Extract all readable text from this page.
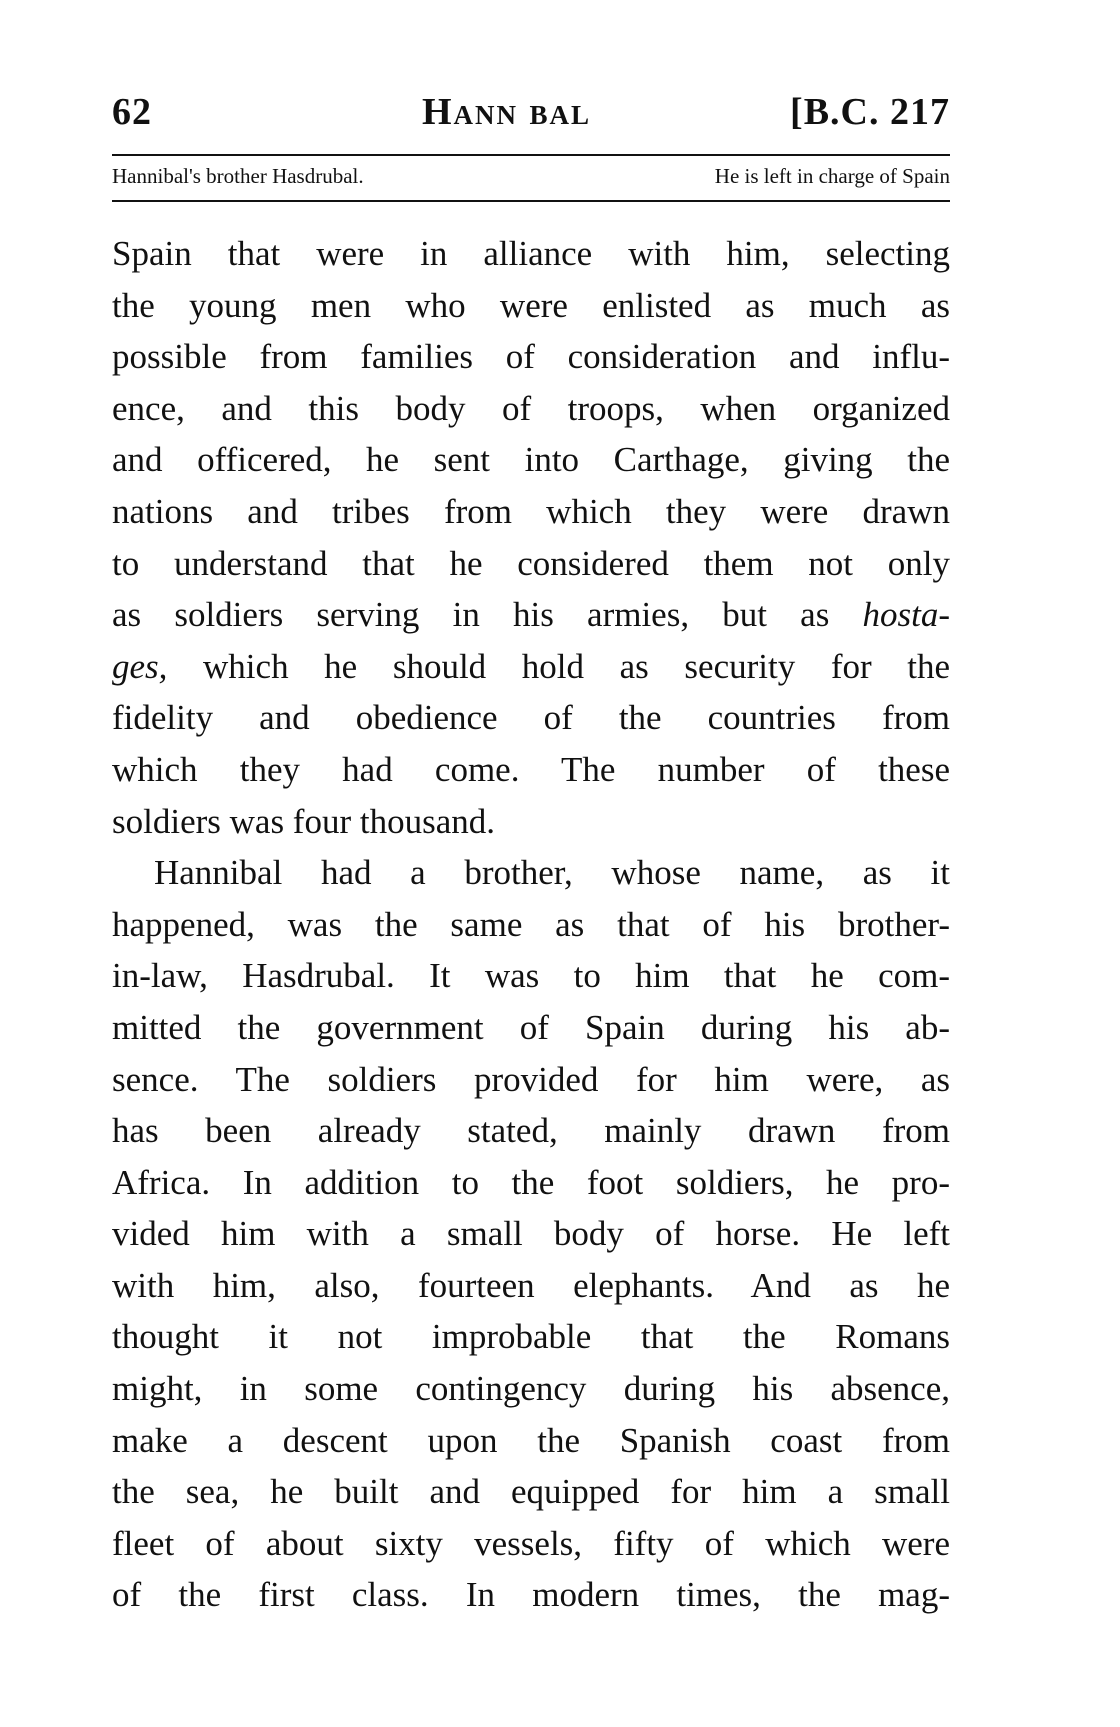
62	Hann bal	[B.C. 217
Hannibal's brother Hasdrubal.	He is left in charge of Spain
Spain that were in alliance with him, selecting
the young men who were enlisted as much as
possible from families of consideration and influ-
ence, and this body of troops, when organized
and officered, he sent into Carthage, giving the
nations and tribes from which they were drawn
to understand that he considered them not only
as soldiers serving in his armies, but as hosta-
ges, which he should hold as security for the
fidelity and obedience of the countries from
which they had come. The number of these
soldiers was four thousand.
Hannibal had a brother, whose name, as it
happened, was the same as that of his brother-
in-law, Hasdrubal. It was to him that he com-
mitted the government of Spain during his ab-
sence. The soldiers provided for him were, as
has been already stated, mainly drawn from
Africa. In addition to the foot soldiers, he pro-
vided him with a small body of horse. He left
with him, also, fourteen elephants. And as he
thought it not improbable that the Romans
might, in some contingency during his absence,
make a descent upon the Spanish coast from
the sea, he built and equipped for him a small
fleet of about sixty vessels, fifty of which were
of the first class. In modern times, the mag-
